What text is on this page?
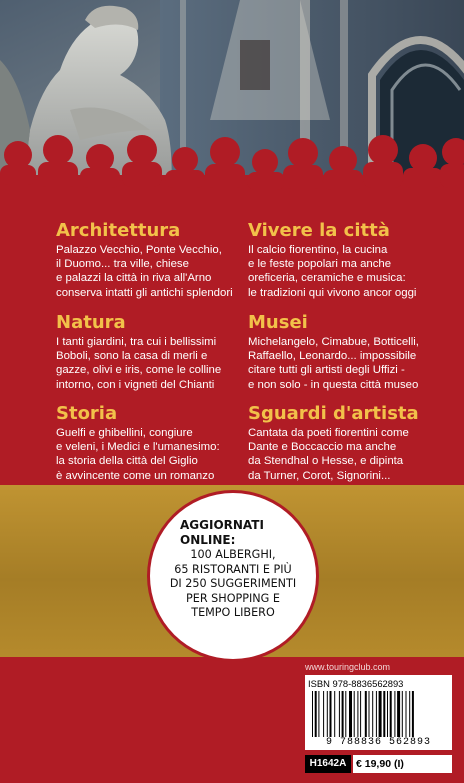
Architettura

Palazzo Vecchio, Ponte Vecchio,
il Duomo... tra ville, chiese
e palazzi la città in riva all'Arno
conserva intatti gli antichi splendori

Vivere la città

Il calcio fiorentino, la cucina
e le feste popolari ma anche
oreficeria, ceramiche e musica:
le tradizioni qui vivono ancor oggi

Natura

I tanti giardini, tra cui i bellissimi
Boboli, sono la casa di merli e
gazze, olivi e iris, come le colline
intorno, con i vigneti del Chianti

Musei

Michelangelo, Cimabue, Botticelli,
Raffaello, Leonardo... impossibile
citare tutti gli artisti degli Uffizi -
e non solo - in questa città museo

Storia

Guelfi e ghibellini, congiure
e veleni, i Medici e l'umanesimo:
la storia della città del Giglio
è avvincente come un romanzo

Sguardi d'artista

Cantata da poeti fiorentini come
Dante e Boccaccio ma anche
da Stendhal o Hesse, e dipinta
da Turner, Corot, Signorini...

AGGIORNATI
ONLINE:
100 ALBERGHI,
65 RISTORANTI E PIÙ
DI 250 SUGGERIMENTI
PER SHOPPING E
TEMPO LIBERO
www.touringclub.com
ISBN 978-8836562893
9 788836 562893
H1642A € 19,90 (I)
